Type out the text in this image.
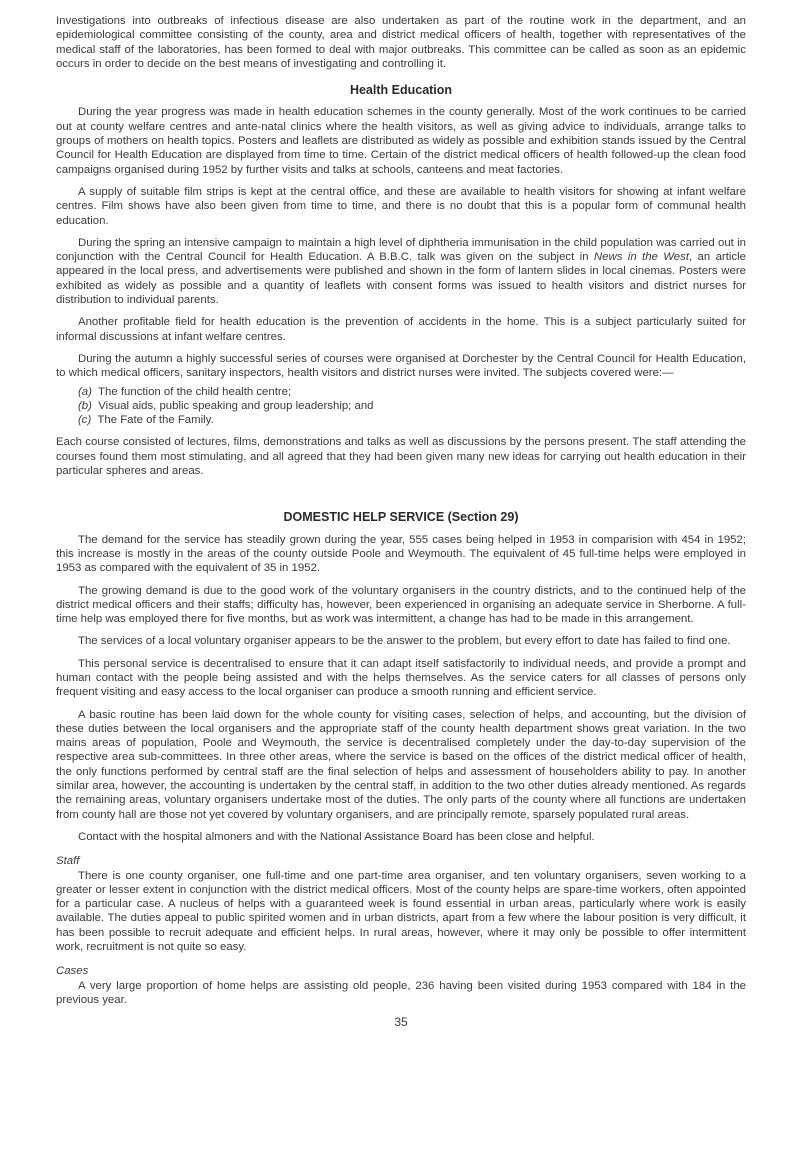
Investigations into outbreaks of infectious disease are also undertaken as part of the routine work in the department, and an epidemiological committee consisting of the county, area and district medical officers of health, together with representatives of the medical staff of the laboratories, has been formed to deal with major outbreaks. This committee can be called as soon as an epidemic occurs in order to decide on the best means of investigating and controlling it.

Health Education

During the year progress was made in health education schemes in the county generally. Most of the work continues to be carried out at county welfare centres and ante-natal clinics where the health visitors, as well as giving advice to individuals, arrange talks to groups of mothers on health topics. Posters and leaflets are distributed as widely as possible and exhibition stands issued by the Central Council for Health Education are displayed from time to time. Certain of the district medical officers of health followed-up the clean food campaigns organised during 1952 by further visits and talks at schools, canteens and meat factories.

A supply of suitable film strips is kept at the central office, and these are available to health visitors for showing at infant welfare centres. Film shows have also been given from time to time, and there is no doubt that this is a popular form of communal health education.

During the spring an intensive campaign to maintain a high level of diphtheria immunisation in the child population was carried out in conjunction with the Central Council for Health Education. A B.B.C. talk was given on the subject in News in the West, an article appeared in the local press, and advertisements were published and shown in the form of lantern slides in local cinemas. Posters were exhibited as widely as possible and a quantity of leaflets with consent forms was issued to health visitors and district nurses for distribution to individual parents.

Another profitable field for health education is the prevention of accidents in the home. This is a subject particularly suited for informal discussions at infant welfare centres.

During the autumn a highly successful series of courses were organised at Dorchester by the Central Council for Health Education, to which medical officers, sanitary inspectors, health visitors and district nurses were invited. The subjects covered were:—

(a) The function of the child health centre;
(b) Visual aids, public speaking and group leadership; and
(c) The Fate of the Family.

Each course consisted of lectures, films, demonstrations and talks as well as discussions by the persons present. The staff attending the courses found them most stimulating, and all agreed that they had been given many new ideas for carrying out health education in their particular spheres and areas.

DOMESTIC HELP SERVICE (Section 29)

The demand for the service has steadily grown during the year, 555 cases being helped in 1953 in comparision with 454 in 1952; this increase is mostly in the areas of the county outside Poole and Weymouth. The equivalent of 45 full-time helps were employed in 1953 as compared with the equivalent of 35 in 1952.

The growing demand is due to the good work of the voluntary organisers in the country districts, and to the continued help of the district medical officers and their staffs; difficulty has, however, been experienced in organising an adequate service in Sherborne. A full-time help was employed there for five months, but as work was intermittent, a change has had to be made in this arrangement.

The services of a local voluntary organiser appears to be the answer to the problem, but every effort to date has failed to find one.

This personal service is decentralised to ensure that it can adapt itself satisfactorily to individual needs, and provide a prompt and human contact with the people being assisted and with the helps themselves. As the service caters for all classes of persons only frequent visiting and easy access to the local organiser can produce a smooth running and efficient service.

A basic routine has been laid down for the whole county for visiting cases, selection of helps, and accounting, but the division of these duties between the local organisers and the appropriate staff of the county health department shows great variation. In the two mains areas of population, Poole and Weymouth, the service is decentralised completely under the day-to-day supervision of the respective area sub-committees. In three other areas, where the service is based on the offices of the district medical officer of health, the only functions performed by central staff are the final selection of helps and assessment of householders ability to pay. In another similar area, however, the accounting is undertaken by the central staff, in addition to the two other duties already mentioned. As regards the remaining areas, voluntary organisers undertake most of the duties. The only parts of the county where all functions are undertaken from county hall are those not yet covered by voluntary organisers, and are principally remote, sparsely populated rural areas.

Contact with the hospital almoners and with the National Assistance Board has been close and helpful.

Staff

There is one county organiser, one full-time and one part-time area organiser, and ten voluntary organisers, seven working to a greater or lesser extent in conjunction with the district medical officers. Most of the county helps are spare-time workers, often appointed for a particular case. A nucleus of helps with a guaranteed week is found essential in urban areas, particularly where work is easily available. The duties appeal to public spirited women and in urban districts, apart from a few where the labour position is very difficult, it has been possible to recruit adequate and efficient helps. In rural areas, however, where it may only be possible to offer intermittent work, recruitment is not quite so easy.

Cases

A very large proportion of home helps are assisting old people, 236 having been visited during 1953 compared with 184 in the previous year.

35
